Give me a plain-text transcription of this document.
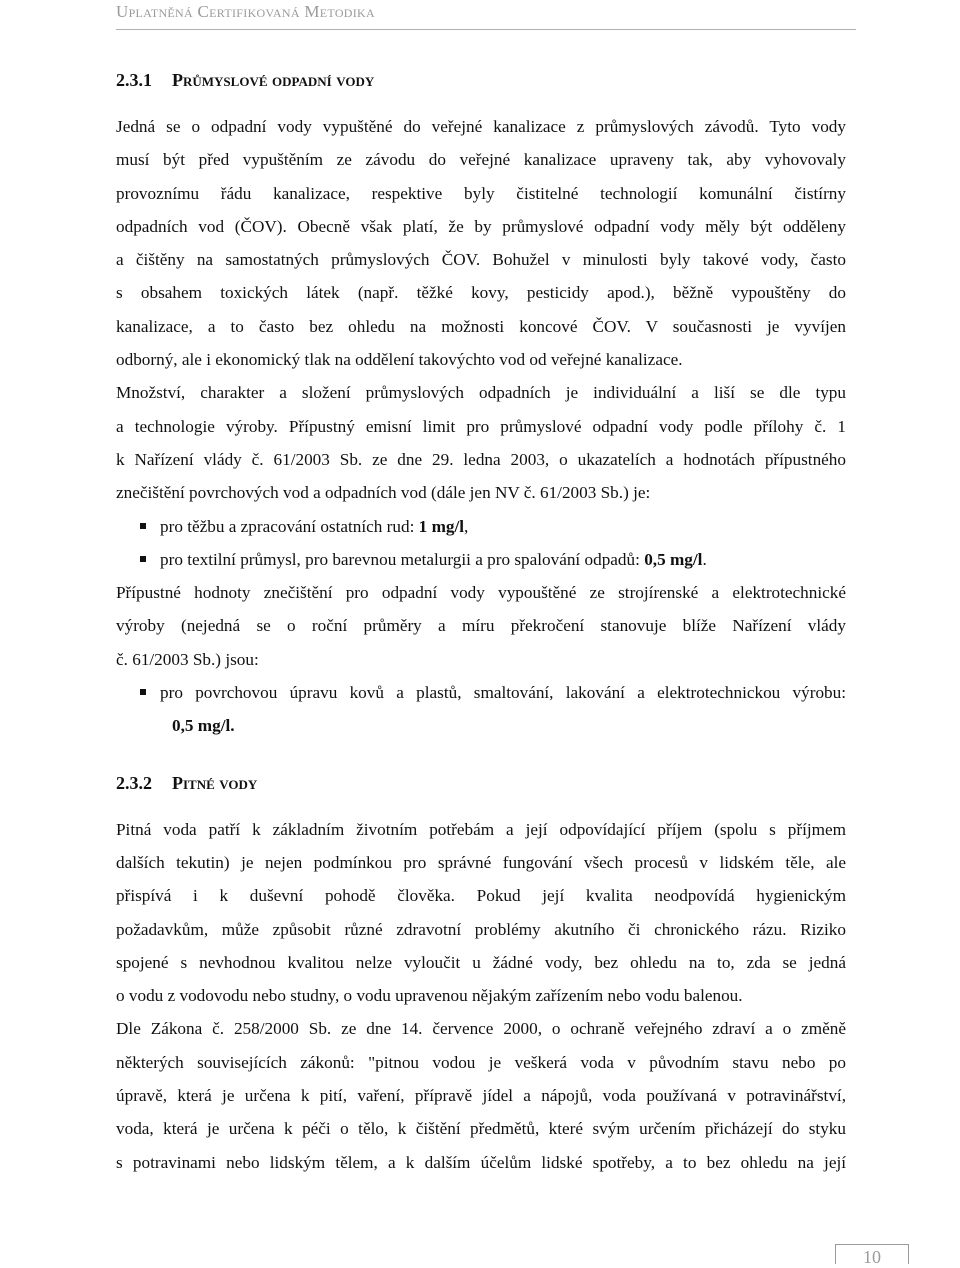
Uplatněná Certifikovaná Metodika
2.3.1 Průmyslové odpadní vody
Jedná se o odpadní vody vypuštěné do veřejné kanalizace z průmyslových závodů. Tyto vody
musí být před vypuštěním ze závodu do veřejné kanalizace upraveny tak, aby vyhovovaly
provoznímu řádu kanalizace, respektive byly čistitelné technologií komunální čistírny
odpadních vod (ČOV). Obecně však platí, že by průmyslové odpadní vody měly být odděleny
a čištěny na samostatných průmyslových ČOV. Bohužel v minulosti byly takové vody, často
s obsahem toxických látek (např. těžké kovy, pesticidy apod.), běžně vypouštěny do
kanalizace, a to často bez ohledu na možnosti koncové ČOV. V současnosti je vyvíjen
odborný, ale i ekonomický tlak na oddělení takovýchto vod od veřejné kanalizace.
Množství, charakter a složení průmyslových odpadních je individuální a liší se dle typu
a technologie výroby. Přípustný emisní limit pro průmyslové odpadní vody podle přílohy č. 1
k Nařízení vlády č. 61/2003 Sb. ze dne 29. ledna 2003, o ukazatelích a hodnotách přípustného
znečištění povrchových vod a odpadních vod (dále jen NV č. 61/2003 Sb.) je:
pro těžbu a zpracování ostatních rud: 1 mg/l,
pro textilní průmysl, pro barevnou metalurgii a pro spalování odpadů: 0,5 mg/l.
Přípustné hodnoty znečištění pro odpadní vody vypouštěné ze strojírenské a elektrotechnické
výroby (nejedná se o roční průměry a míru překročení stanovuje blíže Nařízení vlády
č. 61/2003 Sb.) jsou:
pro povrchovou úpravu kovů a plastů, smaltování, lakování a elektrotechnickou výrobu:
0,5 mg/l.
2.3.2 Pitné vody
Pitná voda patří k základním životním potřebám a její odpovídající příjem (spolu s příjmem
dalších tekutin) je nejen podmínkou pro správné fungování všech procesů v lidském těle, ale
přispívá i k duševní pohodě člověka. Pokud její kvalita neodpovídá hygienickým
požadavkům, může způsobit různé zdravotní problémy akutního či chronického rázu. Riziko
spojené s nevhodnou kvalitou nelze vyloučit u žádné vody, bez ohledu na to, zda se jedná
o vodu z vodovodu nebo studny, o vodu upravenou nějakým zařízením nebo vodu balenou.
Dle Zákona č. 258/2000 Sb. ze dne 14. července 2000, o ochraně veřejného zdraví a o změně
některých souvisejících zákonů: "pitnou vodou je veškerá voda v původním stavu nebo po
úpravě, která je určena k pití, vaření, přípravě jídel a nápojů, voda používaná v potravinářství,
voda, která je určena k péči o tělo, k čištění předmětů, které svým určením přicházejí do styku
s potravinami nebo lidským tělem, a k dalším účelům lidské spotřeby, a to bez ohledu na její
10
